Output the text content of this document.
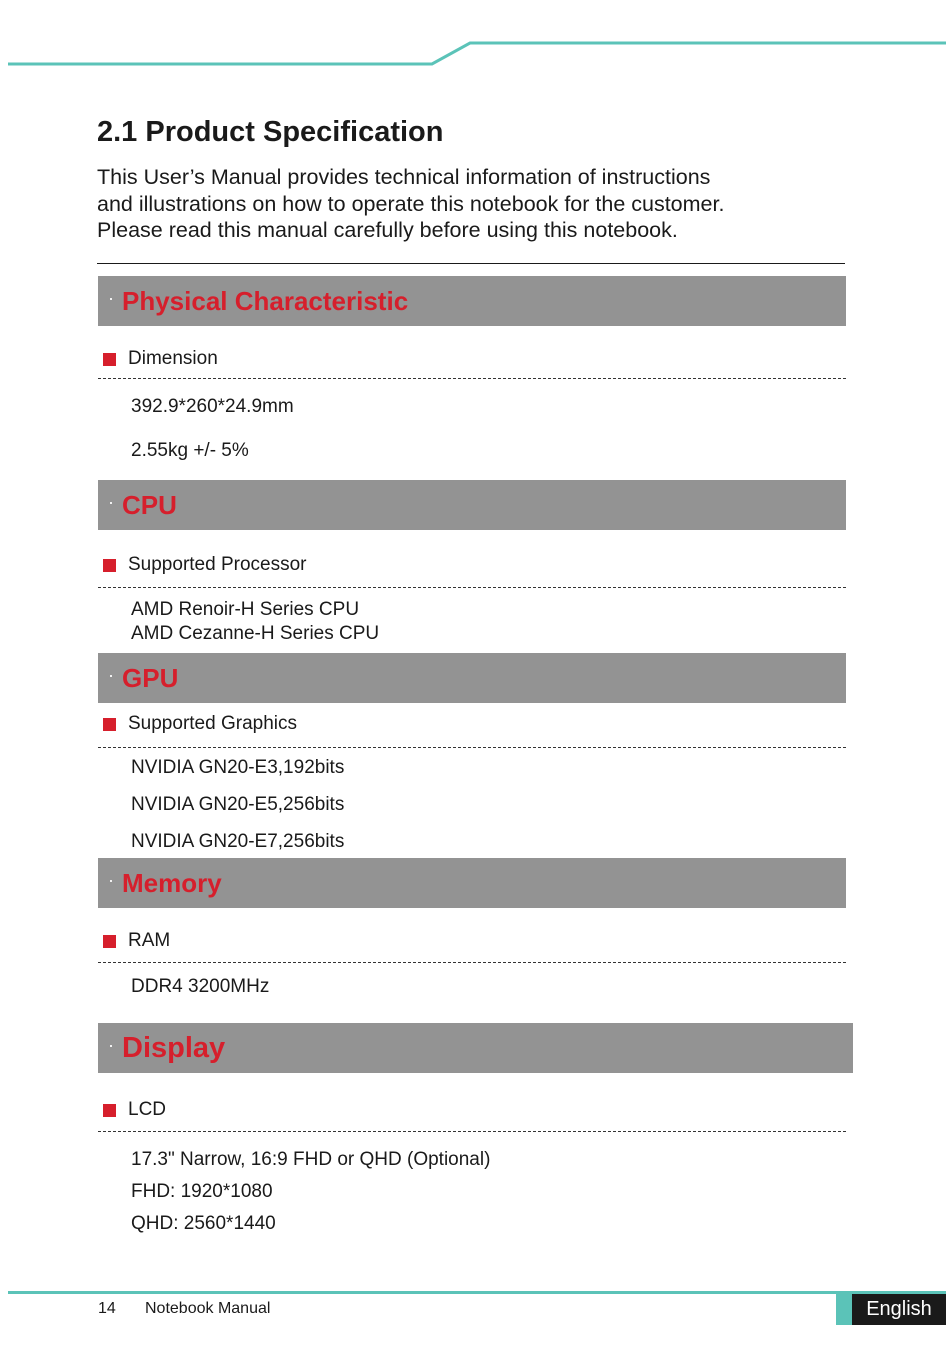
2.1 Product Specification
This User’s Manual provides technical information of instructions
and illustrations on how to operate this notebook for the customer.
Please read this manual carefully before using this notebook.
· Physical Characteristic
Dimension
392.9*260*24.9mm
2.55kg +/- 5%
· CPU
Supported Processor
AMD Renoir-H Series CPU
AMD Cezanne-H Series CPU
· GPU
Supported Graphics
NVIDIA GN20-E3,192bits
NVIDIA GN20-E5,256bits
NVIDIA GN20-E7,256bits
· Memory
RAM
DDR4 3200MHz
· Display
LCD
17.3" Narrow, 16:9 FHD or QHD (Optional)
FHD: 1920*1080
QHD: 2560*1440
14 Notebook Manual	English
